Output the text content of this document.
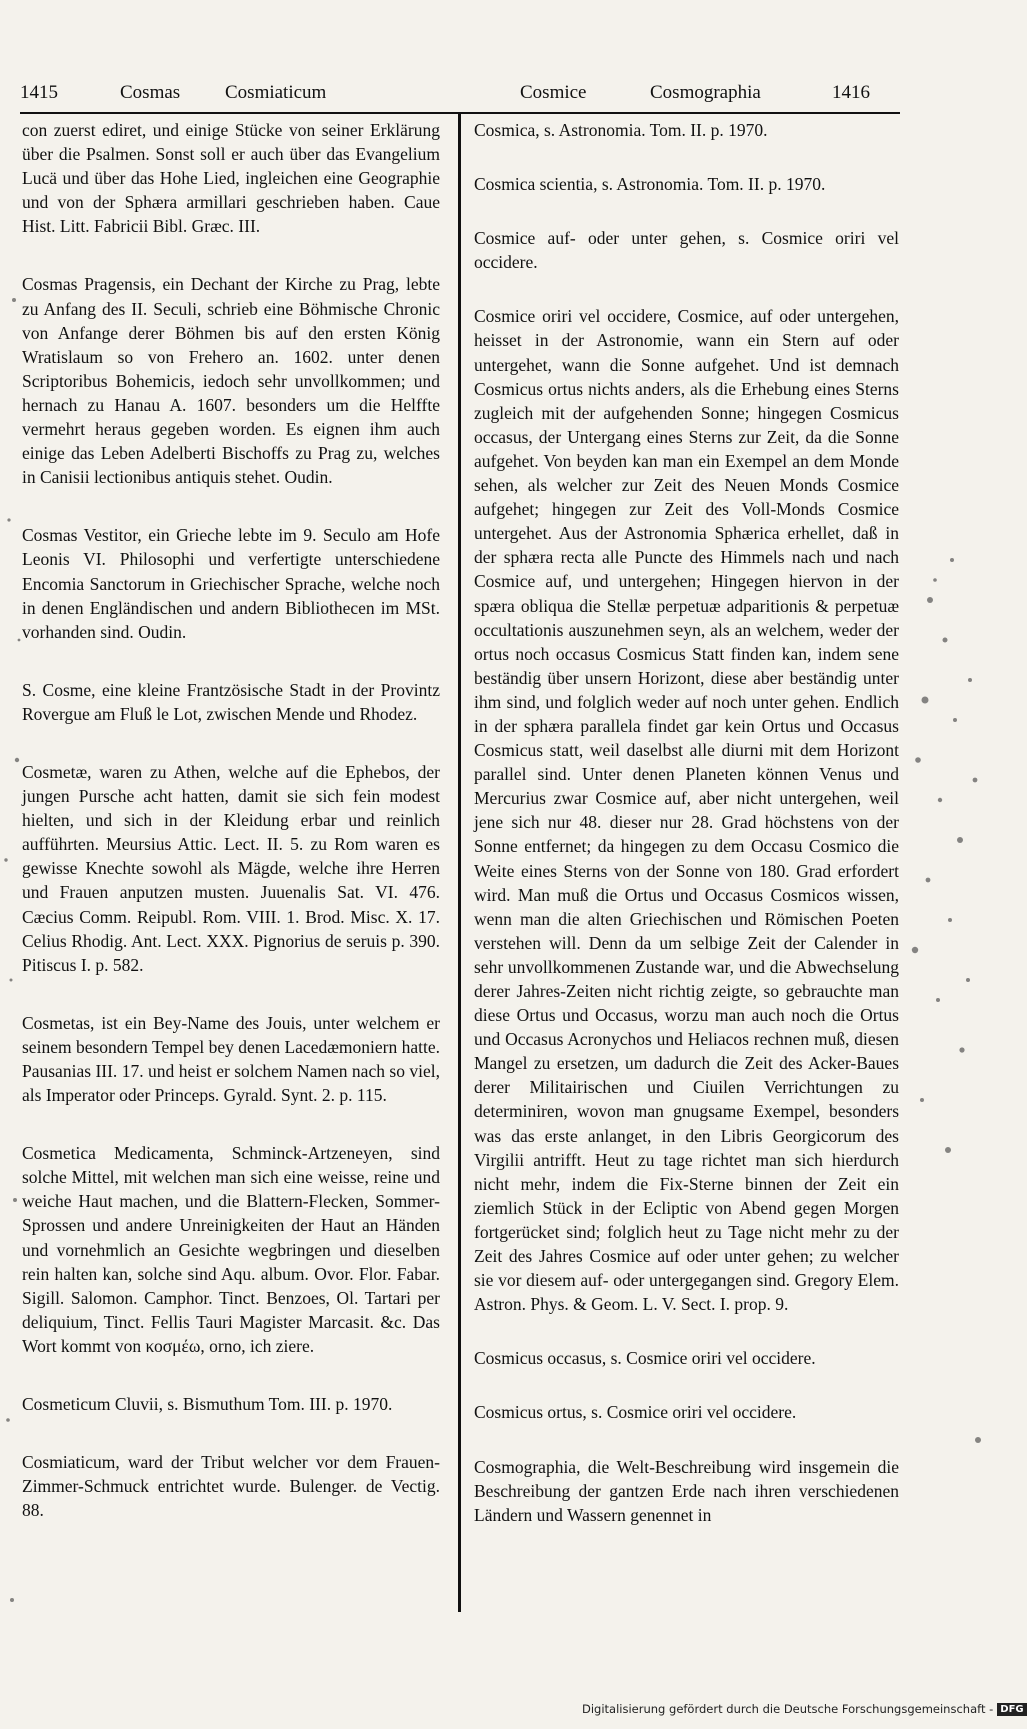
1415	Cosmas Cosmiaticum	Cosmice	Cosmographia	1416

con zuerst ediret, und einige Stücke von seiner Erklärung über die Psalmen. Sonst soll er auch über das Evangelium Lucä und über das Hohe Lied, ingleichen eine Geographie und von der Sphæra armillari geschrieben haben. Caue Hist. Litt. Fabricii Bibl. Græc. III.

Cosmas Pragensis, ein Dechant der Kirche zu Prag, lebte zu Anfang des II. Seculi, schrieb eine Böhmische Chronic von Anfange derer Böhmen bis auf den ersten König Wratislaum so von Frehero an. 1602. unter denen Scriptoribus Bohemicis, iedoch sehr unvollkommen; und hernach zu Hanau A. 1607. besonders um die Helffte vermehrt heraus gegeben worden. Es eignen ihm auch einige das Leben Adelberti Bischoffs zu Prag zu, welches in Canisii lectionibus antiquis stehet. Oudin.

Cosmas Vestitor, ein Grieche lebte im 9. Seculo am Hofe Leonis VI. Philosophi und verfertigte unterschiedene Encomia Sanctorum in Griechischer Sprache, welche noch in denen Engländischen und andern Bibliothecen im MSt. vorhanden sind. Oudin.

S. Cosme, eine kleine Frantzösische Stadt in der Provintz Rovergue am Fluß le Lot, zwischen Mende und Rhodez.

Cosmetæ, waren zu Athen, welche auf die Ephebos, der jungen Pursche acht hatten, damit sie sich fein modest hielten, und sich in der Kleidung erbar und reinlich aufführten. Meursius Attic. Lect. II. 5. zu Rom waren es gewisse Knechte sowohl als Mägde, welche ihre Herren und Frauen anputzen musten. Juuenalis Sat. VI. 476. Cæcius Comm. Reipubl. Rom. VIII. 1. Brod. Misc. X. 17. Celius Rhodig. Ant. Lect. XXX. Pignorius de seruis p. 390. Pitiscus I. p. 582.

Cosmetas, ist ein Bey-Name des Jouis, unter welchem er seinem besondern Tempel bey denen Lacedæmoniern hatte. Pausanias III. 17. und heist er solchem Namen nach so viel, als Imperator oder Princeps. Gyrald. Synt. 2. p. 115.

Cosmetica Medicamenta, Schminck-Artzeneyen, sind solche Mittel, mit welchen man sich eine weisse, reine und weiche Haut machen, und die Blattern-Flecken, Sommer-Sprossen und andere Unreinigkeiten der Haut an Händen und vornehmlich an Gesichte wegbringen und dieselben rein halten kan, solche sind Aqu. album. Ovor. Flor. Fabar. Sigill. Salomon. Camphor. Tinct. Benzoes, Ol. Tartari per deliquium, Tinct. Fellis Tauri Magister Marcasit. &c. Das Wort kommt von κοσμέω, orno, ich ziere.

Cosmeticum Cluvii, s. Bismuthum Tom. III. p. 1970.

Cosmiaticum, ward der Tribut welcher vor dem Frauen-Zimmer-Schmuck entrichtet wurde. Bulenger. de Vectig. 88.

Cosmica, s. Astronomia. Tom. II. p. 1970.

Cosmica scientia, s. Astronomia. Tom. II. p. 1970.

Cosmice auf- oder unter gehen, s. Cosmice oriri vel occidere.

Cosmice oriri vel occidere, Cosmice, auf oder untergehen, heisset in der Astronomie, wann ein Stern auf oder untergehet, wann die Sonne aufgehet. Und ist demnach Cosmicus ortus nichts anders, als die Erhebung eines Sterns zugleich mit der aufgehenden Sonne; hingegen Cosmicus occasus, der Untergang eines Sterns zur Zeit, da die Sonne aufgehet. Von beyden kan man ein Exempel an dem Monde sehen, als welcher zur Zeit des Neuen Monds Cosmice aufgehet; hingegen zur Zeit des Voll-Monds Cosmice untergehet. Aus der Astronomia Sphærica erhellet, daß in der sphæra recta alle Puncte des Himmels nach und nach Cosmice auf, und untergehen; Hingegen hiervon in der spæra obliqua die Stellæ perpetuæ adparitionis & perpetuæ occultationis auszunehmen seyn, als an welchem, weder der ortus noch occasus Cosmicus Statt finden kan, indem sene beständig über unsern Horizont, diese aber beständig unter ihm sind, und folglich weder auf noch unter gehen. Endlich in der sphæra parallela findet gar kein Ortus und Occasus Cosmicus statt, weil daselbst alle diurni mit dem Horizont parallel sind. Unter denen Planeten können Venus und Mercurius zwar Cosmice auf, aber nicht untergehen, weil jene sich nur 48. dieser nur 28. Grad höchstens von der Sonne entfernet; da hingegen zu dem Occasu Cosmico die Weite eines Sterns von der Sonne von 180. Grad erfordert wird. Man muß die Ortus und Occasus Cosmicos wissen, wenn man die alten Griechischen und Römischen Poeten verstehen will. Denn da um selbige Zeit der Calender in sehr unvollkommenen Zustande war, und die Abwechselung derer Jahres-Zeiten nicht richtig zeigte, so gebrauchte man diese Ortus und Occasus, worzu man auch noch die Ortus und Occasus Acronychos und Heliacos rechnen muß, diesen Mangel zu ersetzen, um dadurch die Zeit des Acker-Baues derer Militairischen und Ciuilen Verrichtungen zu determiniren, wovon man gnugsame Exempel, besonders was das erste anlanget, in den Libris Georgicorum des Virgilii antrifft. Heut zu tage richtet man sich hierdurch nicht mehr, indem die Fix-Sterne binnen der Zeit ein ziemlich Stück in der Ecliptic von Abend gegen Morgen fortgerücket sind; folglich heut zu Tage nicht mehr zu der Zeit des Jahres Cosmice auf oder unter gehen; zu welcher sie vor diesem auf- oder untergegangen sind. Gregory Elem. Astron. Phys. & Geom. L. V. Sect. I. prop. 9.

Cosmicus occasus, s. Cosmice oriri vel occidere.

Cosmicus ortus, s. Cosmice oriri vel occidere.

Cosmographia, die Welt-Beschreibung wird insgemein die Beschreibung der gantzen Erde nach ihren verschiedenen Ländern und Wassern genennet in

Digitalisierung gefördert durch die Deutsche Forschungsgemeinschaft - DFG
